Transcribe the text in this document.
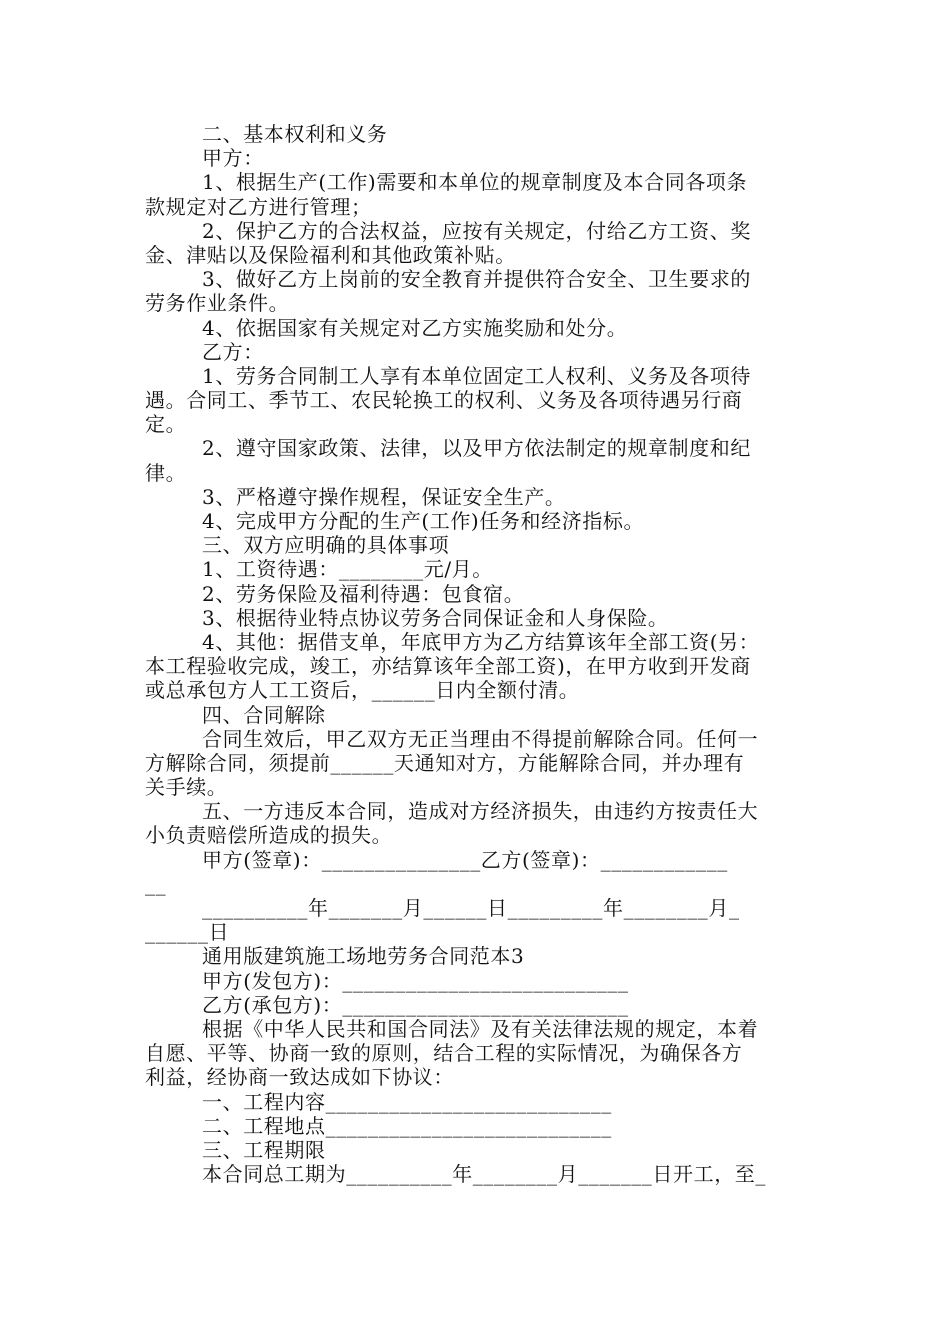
二、基本权利和义务
甲方：
1、根据生产(工作)需要和本单位的规章制度及本合同各项条
款规定对乙方进行管理；
2、保护乙方的合法权益，应按有关规定，付给乙方工资、奖
金、津贴以及保险福利和其他政策补贴。
3、做好乙方上岗前的安全教育并提供符合安全、卫生要求的
劳务作业条件。
4、依据国家有关规定对乙方实施奖励和处分。
乙方：
1、劳务合同制工人享有本单位固定工人权利、义务及各项待
遇。合同工、季节工、农民轮换工的权利、义务及各项待遇另行商
定。
2、遵守国家政策、法律，以及甲方依法制定的规章制度和纪
律。
3、严格遵守操作规程，保证安全生产。
4、完成甲方分配的生产(工作)任务和经济指标。
三、双方应明确的具体事项
1、工资待遇：________元/月。
2、劳务保险及福利待遇：包食宿。
3、根据待业特点协议劳务合同保证金和人身保险。
4、其他：据借支单，年底甲方为乙方结算该年全部工资(另：
本工程验收完成，竣工，亦结算该年全部工资)，在甲方收到开发商
或总承包方人工工资后，______日内全额付清。
四、合同解除
合同生效后，甲乙双方无正当理由不得提前解除合同。任何一
方解除合同，须提前______天通知对方，方能解除合同，并办理有
关手续。
五、一方违反本合同，造成对方经济损失，由违约方按责任大
小负责赔偿所造成的损失。
甲方(签章)：_______________乙方(签章)：____________
__
__________年_______月______日_________年________月_
______日
通用版建筑施工场地劳务合同范本3
甲方(发包方)：___________________________
乙方(承包方)：___________________________
根据《中华人民共和国合同法》及有关法律法规的规定，本着
自愿、平等、协商一致的原则，结合工程的实际情况，为确保各方
利益，经协商一致达成如下协议：
一、工程内容___________________________
二、工程地点___________________________
三、工程期限
本合同总工期为__________年________月_______日开工，至_
